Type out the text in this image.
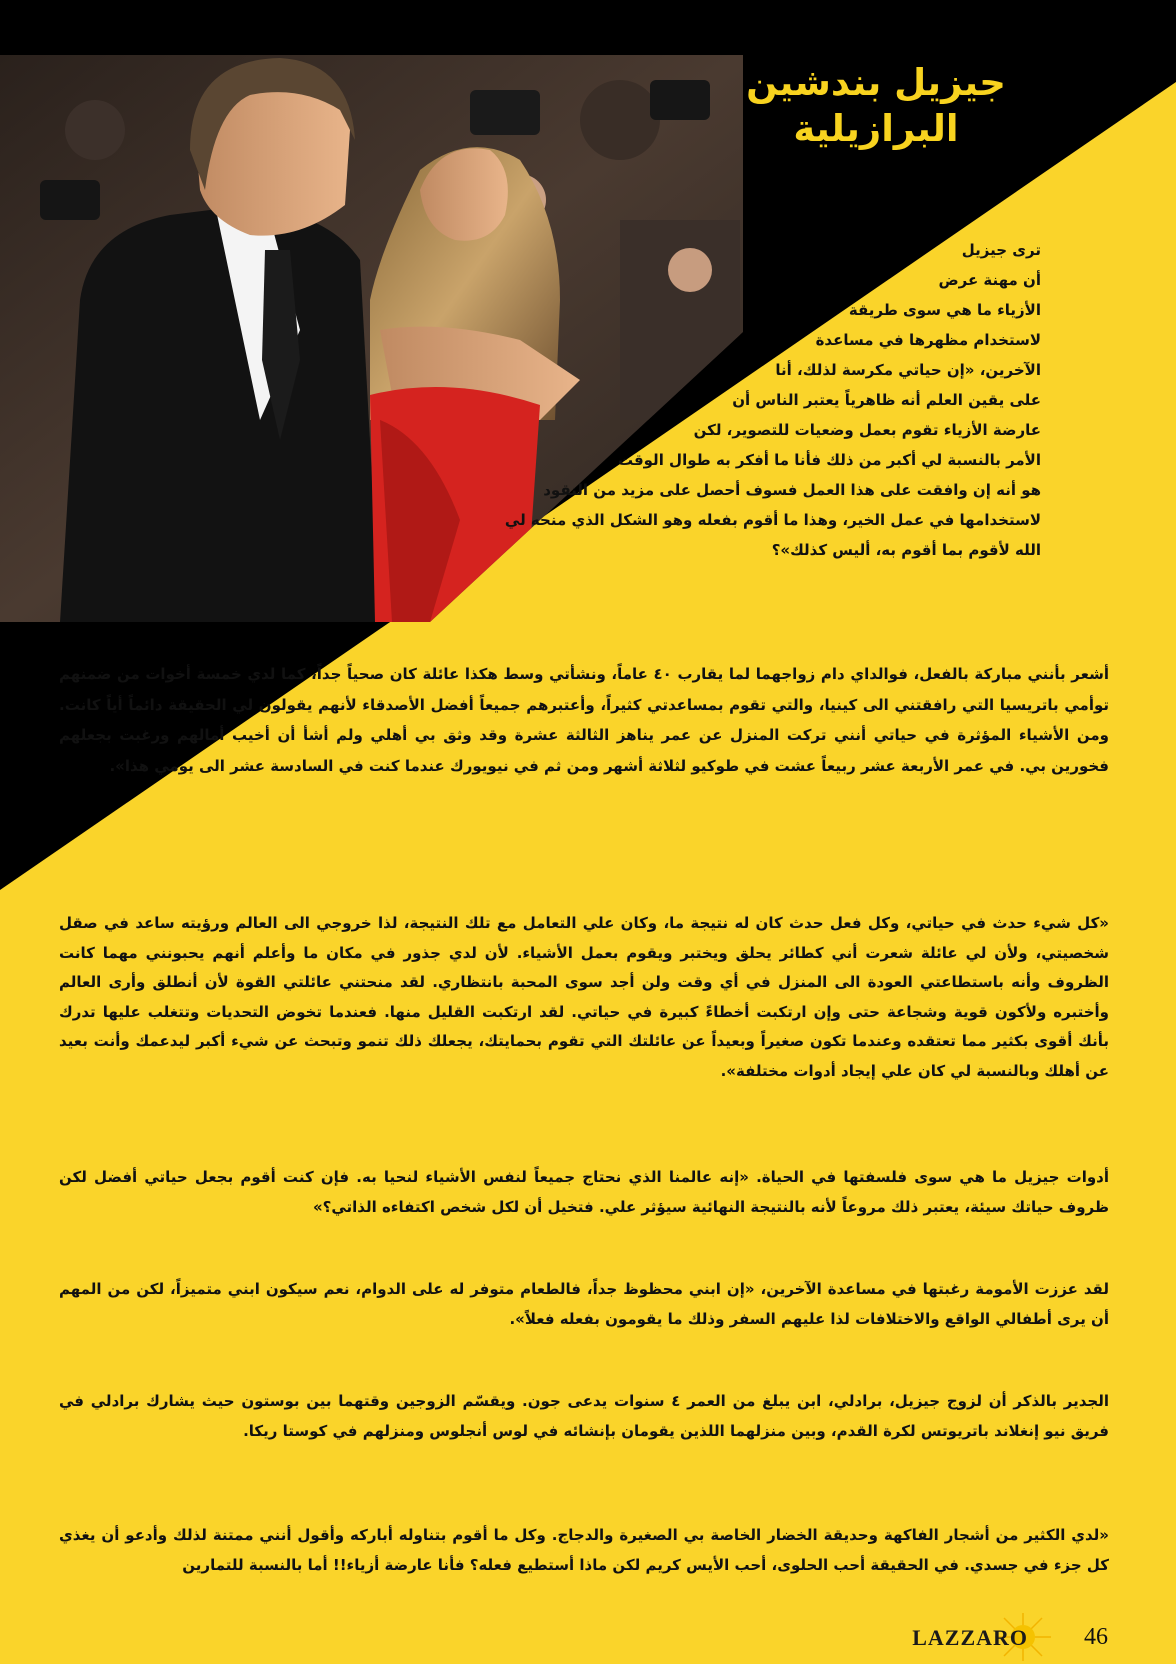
جيزيل بندشين البرازيلية
ترى جيزيل
أن مهنة عرض
الأزياء ما هي سوى طريقة
لاستخدام مظهرها في مساعدة
الآخرين، «إن حياتي مكرسة لذلك، أنا
على يقين العلم أنه ظاهرياً يعتبر الناس أن
عارضة الأزياء تقوم بعمل وضعيات للتصوير، لكن
الأمر بالنسبة لي أكبر من ذلك فأنا ما أفكر به طوال الوقت
هو أنه إن وافقت على هذا العمل فسوف أحصل على مزيد من النقود
لاستخدامها في عمل الخير، وهذا ما أقوم بفعله وهو الشكل الذي منحه لي
الله لأقوم بما أقوم به، أليس كذلك»؟

أشعر بأنني مباركة بالفعل، فوالداي دام زواجهما لما يقارب ٤٠ عاماً، ونشأتي وسط هكذا عائلة كان صحياً جداً، كما لدي خمسة أخوات من ضمنهم توأمي باتريسيا التي رافقتني الى كينيا، والتي تقوم بمساعدتي كثيراً، وأعتبرهم جميعاً أفضل الأصدقاء لأنهم يقولون لي الحقيقة دائماً أياً كانت. ومن الأشياء المؤثرة في حياتي أنني تركت المنزل عن عمر يناهز الثالثة عشرة وقد وثق بي أهلي ولم أشأ أن أخيب أمالهم ورغبت بجعلهم فخورين بي. في عمر الأربعة عشر ربيعاً عشت في طوكيو لثلاثة أشهر ومن ثم في نيويورك عندما كنت في السادسة عشر الى يومي هذا».

«كل شيء حدث في حياتي، وكل فعل حدث كان له نتيجة ما، وكان علي التعامل مع تلك النتيجة، لذا خروجي الى العالم ورؤيته ساعد في صقل شخصيتي، ولأن لي عائلة شعرت أني كطائر يحلق ويختبر ويقوم بعمل الأشياء. لأن لدي جذور في مكان ما وأعلم أنهم يحبونني مهما كانت الظروف وأنه باستطاعتي العودة الى المنزل في أي وقت ولن أجد سوى المحبة بانتظاري. لقد منحتني عائلتي القوة لأن أنطلق وأرى العالم وأختبره ولأكون قوية وشجاعة حتى وإن ارتكبت أخطاءً كبيرة في حياتي. لقد ارتكبت القليل منها. فعندما تخوض التحديات وتتغلب عليها تدرك بأنك أقوى بكثير مما تعتقده وعندما تكون صغيراً وبعيداً عن عائلتك التي تقوم بحمايتك، يجعلك ذلك تنمو وتبحث عن شيء أكبر ليدعمك وأنت بعيد عن أهلك وبالنسبة لي كان علي إيجاد أدوات مختلفة».

أدوات جيزيل ما هي سوى فلسفتها في الحياة. «إنه عالمنا الذي نحتاج جميعاً لنفس الأشياء لنحيا به. فإن كنت أقوم بجعل حياتي أفضل لكن ظروف حياتك سيئة، يعتبر ذلك مروعاً لأنه بالنتيجة النهائية سيؤثر علي. فتخيل أن لكل شخص اكتفاءه الذاتي؟»

لقد عززت الأمومة رغبتها في مساعدة الآخرين، «إن ابني محظوظ جداً، فالطعام متوفر له على الدوام، نعم سيكون ابني متميزاً، لكن من المهم أن يرى أطفالي الواقع والاختلافات لذا عليهم السفر وذلك ما يقومون بفعله فعلاً».

الجدير بالذكر أن لزوج جيزيل، برادلي، ابن يبلغ من العمر ٤ سنوات يدعى جون. ويقسّم الزوجين وقتهما بين بوستون حيث يشارك برادلي في فريق نيو إنغلاند باتريوتس لكرة القدم، وبين منزلهما اللذين يقومان بإنشائه في لوس أنجلوس ومنزلهم في كوستا ريكا.

«لدي الكثير من أشجار الفاكهة وحديقة الخضار الخاصة بي الصغيرة والدجاج. وكل ما أقوم بتناوله أباركه وأقول أنني ممتنة لذلك وأدعو أن يغذي كل جزء في جسدي. في الحقيقة أحب الحلوى، أحب الأيس كريم لكن ماذا أستطيع فعله؟ فأنا عارضة أزياء!! أما بالنسبة للتمارين

LAZZARO 46
